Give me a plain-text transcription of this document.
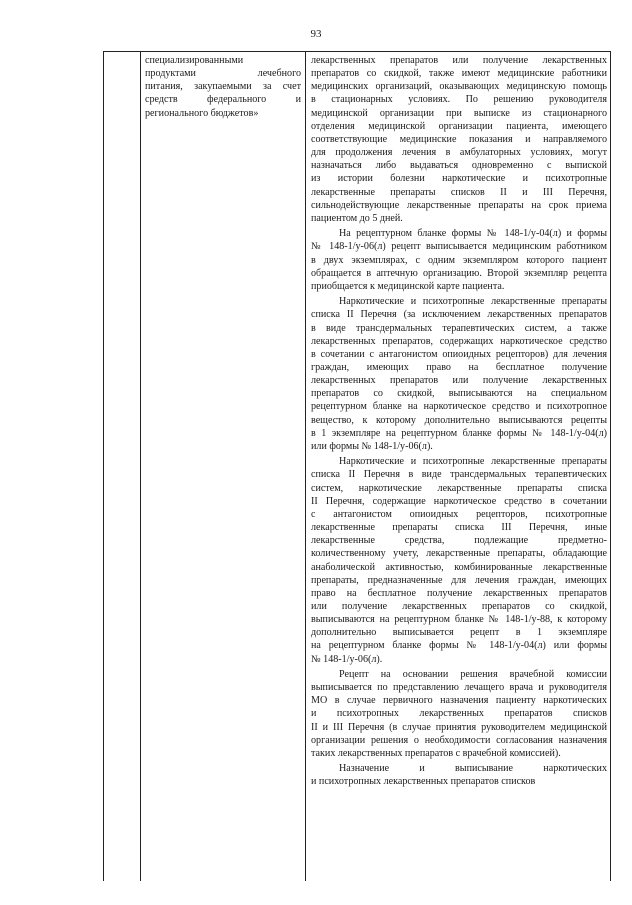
93

специализированными
продуктами лечебного
питания, закупаемыми за счет
средств федерального и
регионального бюджетов»

лекарственных препаратов или получение лекарственных
препаратов со скидкой, также имеют медицинские работники
медицинских организаций, оказывающих медицинскую помощь
в стационарных условиях. По решению руководителя
медицинской организации при выписке из стационарного
отделения медицинской организации пациента, имеющего
соответствующие медицинские показания и направляемого
для продолжения лечения в амбулаторных условиях, могут
назначаться либо выдаваться одновременно с выпиской
из истории болезни наркотические и психотропные
лекарственные препараты списков II и III Перечня,
сильнодействующие лекарственные препараты на срок приема
пациентом до 5 дней.

На рецептурном бланке формы № 148-1/у-04(л) и формы
№ 148-1/у-06(л) рецепт выписывается медицинским работником
в двух экземплярах, с одним экземпляром которого пациент
обращается в аптечную организацию. Второй экземпляр рецепта
приобщается к медицинской карте пациента.

Наркотические и психотропные лекарственные препараты
списка II Перечня (за исключением лекарственных препаратов
в виде трансдермальных терапевтических систем, а также
лекарственных препаратов, содержащих наркотическое средство
в сочетании с антагонистом опиоидных рецепторов) для лечения
граждан, имеющих право на бесплатное получение
лекарственных препаратов или получение лекарственных
препаратов со скидкой, выписываются на специальном
рецептурном бланке на наркотическое средство и психотропное
вещество, к которому дополнительно выписываются рецепты
в 1 экземпляре на рецептурном бланке формы № 148-1/у-04(л)
или формы № 148-1/у-06(л).

Наркотические и психотропные лекарственные препараты
списка II Перечня в виде трансдермальных терапевтических
систем, наркотические лекарственные препараты списка
II Перечня, содержащие наркотическое средство в сочетании
с антагонистом опиоидных рецепторов, психотропные
лекарственные препараты списка III Перечня, иные
лекарственные средства, подлежащие предметно-
количественному учету, лекарственные препараты, обладающие
анаболической активностью, комбинированные лекарственные
препараты, предназначенные для лечения граждан, имеющих
право на бесплатное получение лекарственных препаратов
или получение лекарственных препаратов со скидкой,
выписываются на рецептурном бланке № 148-1/у-88, к которому
дополнительно выписывается рецепт в 1 экземпляре
на рецептурном бланке формы № 148-1/у-04(л) или формы
№ 148-1/у-06(л).

Рецепт на основании решения врачебной комиссии
выписывается по представлению лечащего врача и руководителя
МО в случае первичного назначения пациенту наркотических
и психотропных лекарственных препаратов списков
II и III Перечня (в случае принятия руководителем медицинской
организации решения о необходимости согласования назначения
таких лекарственных препаратов с врачебной комиссией).

Назначение и выписывание наркотических
и психотропных лекарственных препаратов списков
